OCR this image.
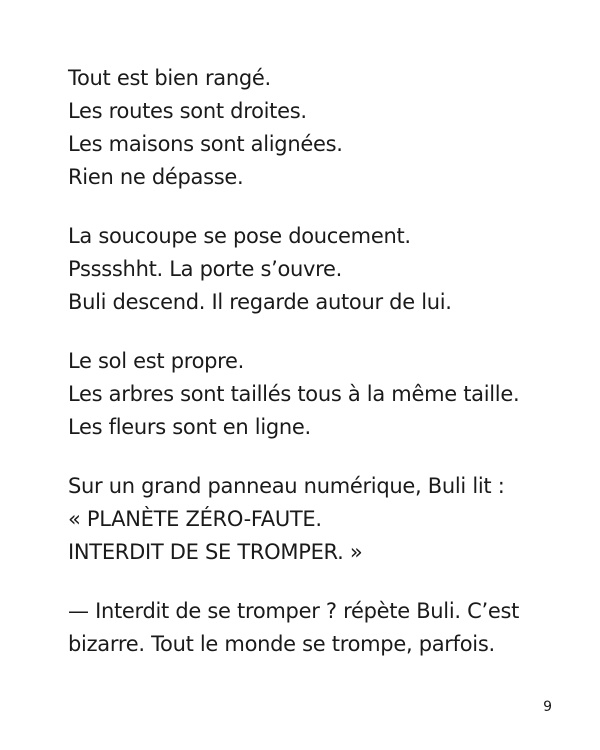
Tout est bien rangé.
Les routes sont droites.
Les maisons sont alignées.
Rien ne dépasse.

La soucoupe se pose doucement.
Psssshht. La porte s’ouvre.
Buli descend. Il regarde autour de lui.

Le sol est propre.
Les arbres sont taillés tous à la même taille.
Les fleurs sont en ligne.

Sur un grand panneau numérique, Buli lit :
« PLANÈTE ZÉRO-FAUTE.
INTERDIT DE SE TROMPER. »

— Interdit de se tromper ? répète Buli. C’est
bizarre. Tout le monde se trompe, parfois.

9
